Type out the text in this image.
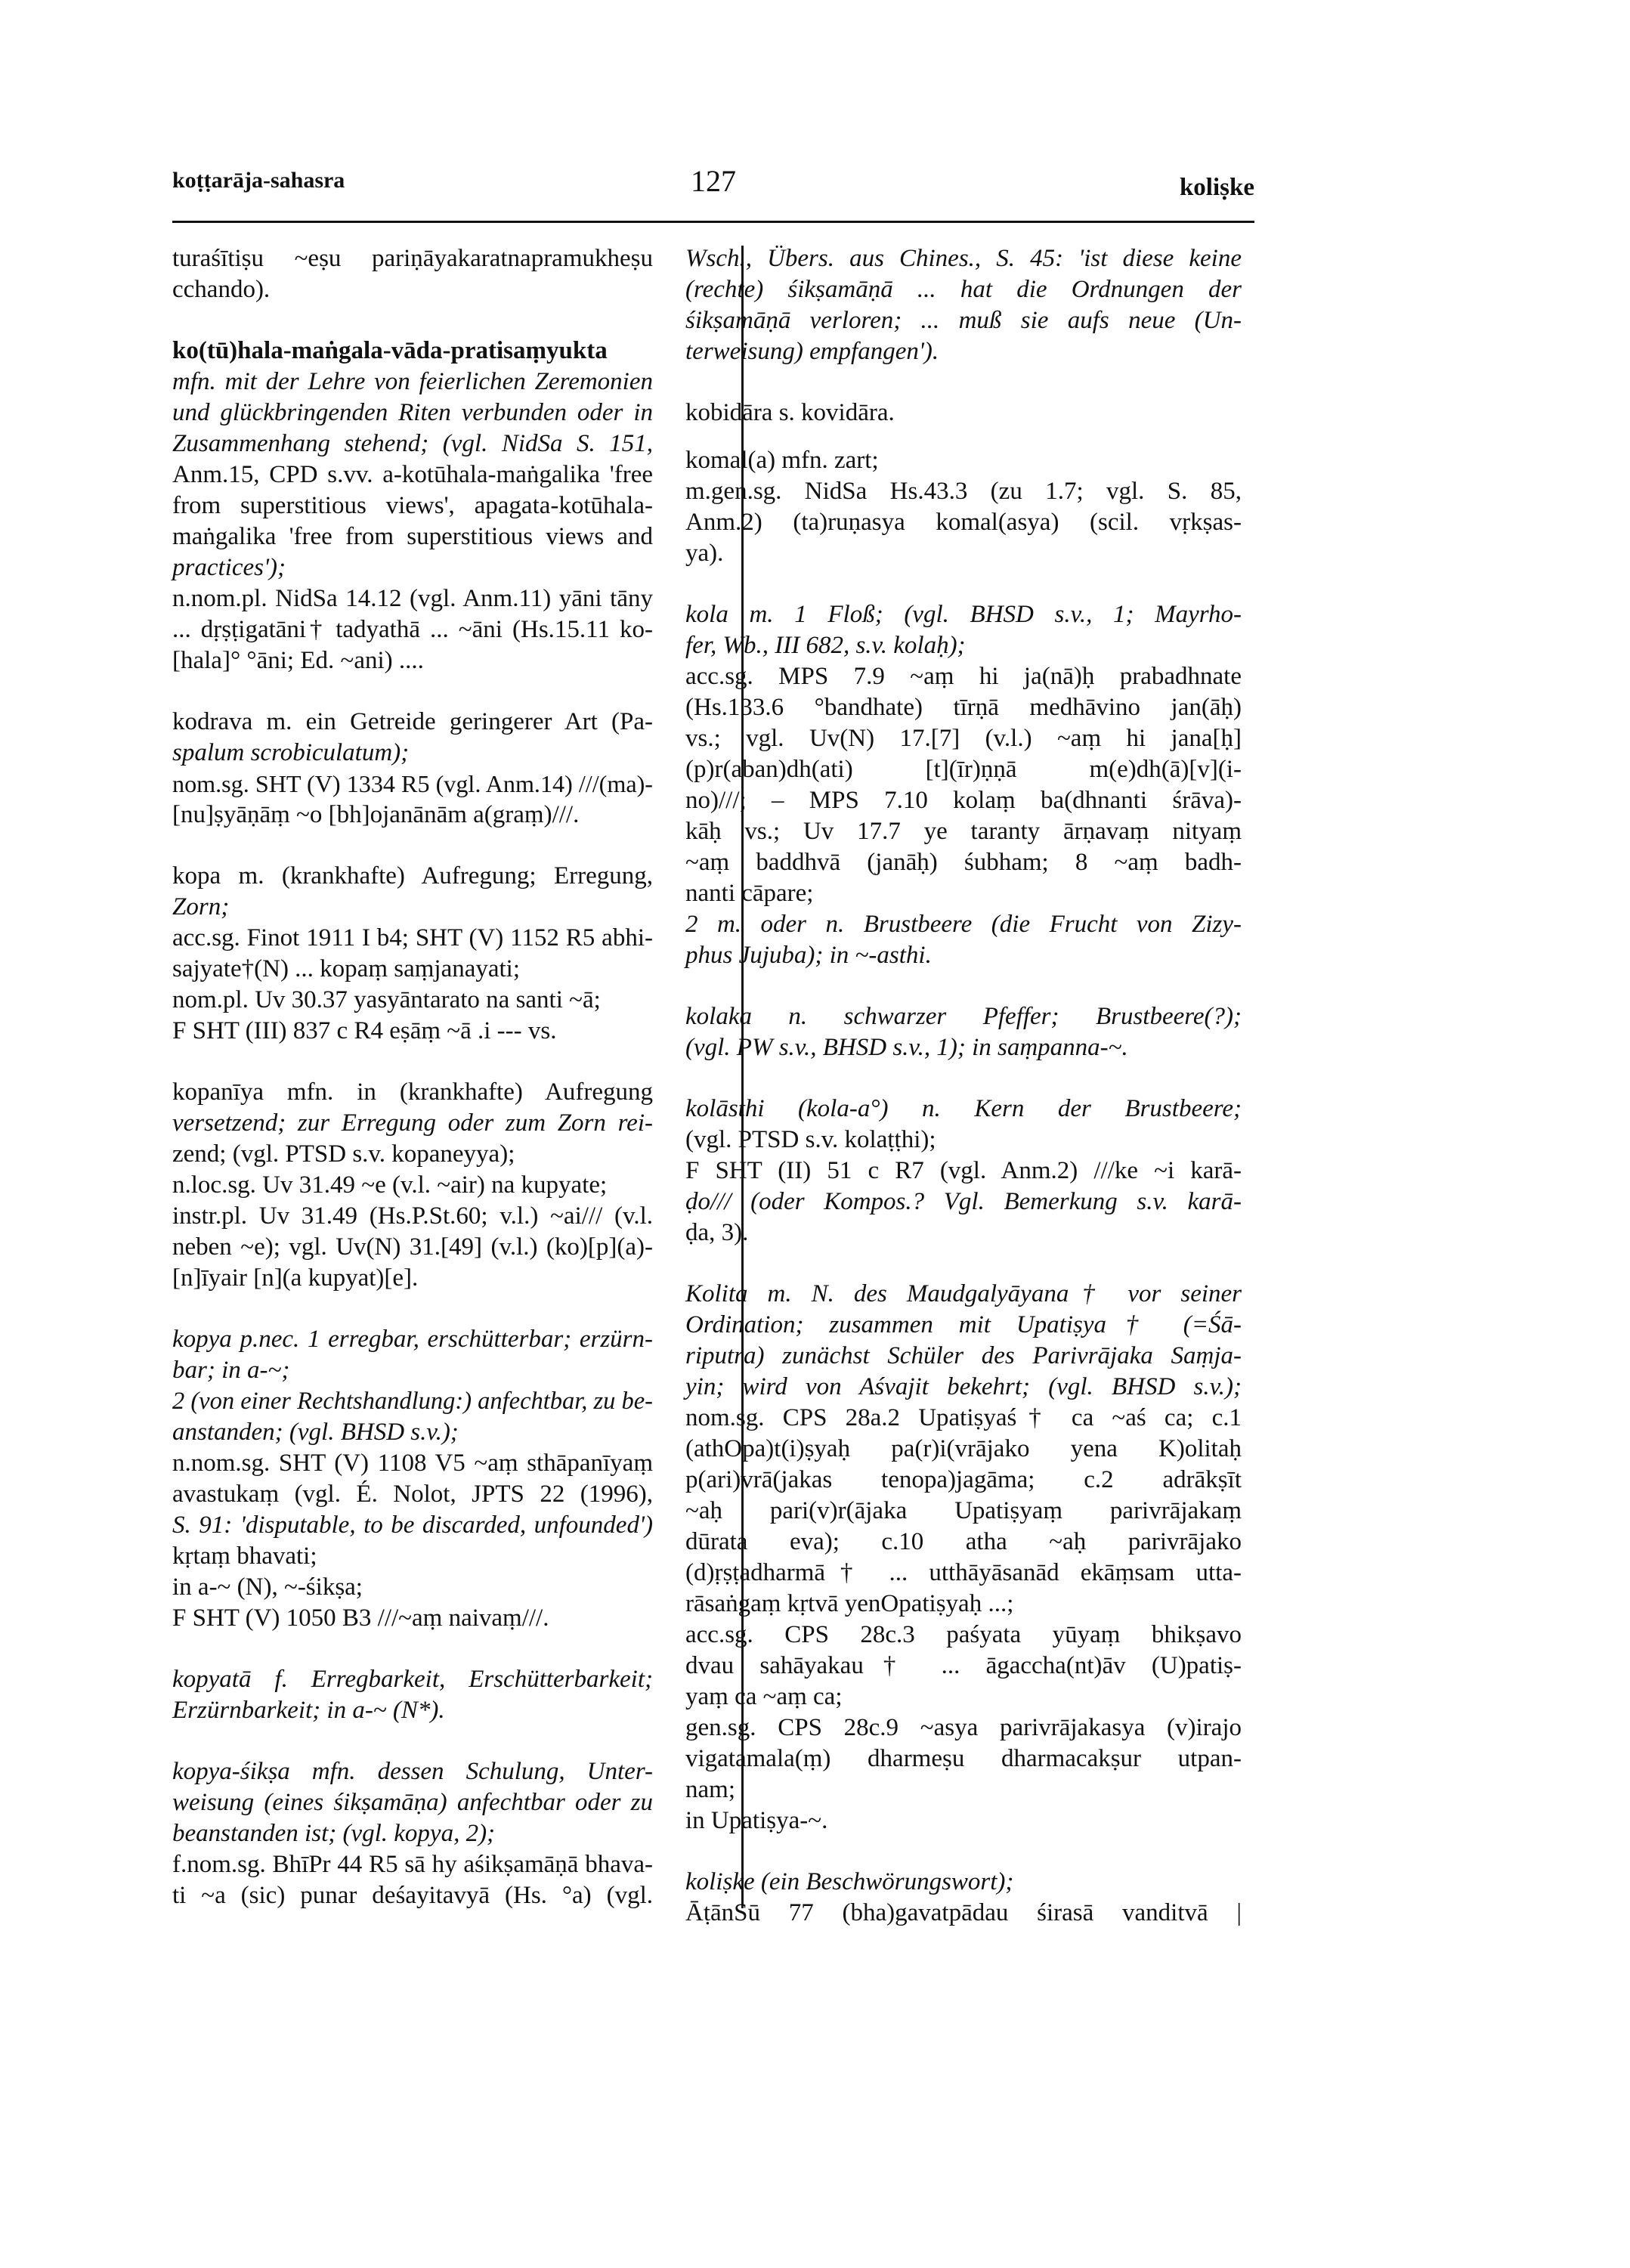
koṭṭarāja-sahasra	127	koliṣke
turaśītiṣu ~eṣu pariṇāyakaratnapramukheṣu
cchando).
ko(tū)hala-maṅgala-vāda-pratisaṃyukta
mfn. mit der Lehre von feierlichen Zeremonien
und glückbringenden Riten verbunden oder in
Zusammenhang stehend; (vgl. NidSa S. 151,
Anm.15, CPD s.vv. a-kotūhala-maṅgalika 'free
from superstitious views', apagata-kotūhala-
maṅgalika 'free from superstitious views and
practices');
n.nom.pl. NidSa 14.12 (vgl. Anm.11) yāni tāny
... dṛṣṭigatāni† tadyathā ... ~āni (Hs.15.11 ko-
[hala]° °āni; Ed. ~ani) ....
kodrava m. ein Getreide geringerer Art (Pa-
spalum scrobiculatum);
nom.sg. SHT (V) 1334 R5 (vgl. Anm.14) ///(ma)-
[nu]ṣyāṇāṃ ~o [bh]ojanānām a(graṃ)///.
kopa m. (krankhafte) Aufregung; Erregung,
Zorn;
acc.sg. Finot 1911 I b4; SHT (V) 1152 R5 abhi-
sajyate†(N) ... kopaṃ saṃjanayati;
nom.pl. Uv 30.37 yasyāntarato na santi ~ā;
F SHT (III) 837 c R4 eṣāṃ ~ā .i --- vs.
kopanīya mfn. in (krankhafte) Aufregung
versetzend; zur Erregung oder zum Zorn rei-
zend; (vgl. PTSD s.v. kopaneyya);
n.loc.sg. Uv 31.49 ~e (v.l. ~air) na kupyate;
instr.pl. Uv 31.49 (Hs.P.St.60; v.l.) ~ai/// (v.l.
neben ~e); vgl. Uv(N) 31.[49] (v.l.) (ko)[p](a)-
[n]īyair [n](a kupyat)[e].
kopya p.nec. 1 erregbar, erschütterbar; erzürn-
bar; in a-~;
2 (von einer Rechtshandlung:) anfechtbar, zu be-
anstanden; (vgl. BHSD s.v.);
n.nom.sg. SHT (V) 1108 V5 ~aṃ sthāpanīyaṃ
avastukaṃ (vgl. É. Nolot, JPTS 22 (1996),
S. 91: 'disputable, to be discarded, unfounded')
kṛtaṃ bhavati;
in a-~ (N), ~-śikṣa;
F SHT (V) 1050 B3 ///~aṃ naivaṃ///.
kopyatā f. Erregbarkeit, Erschütterbarkeit;
Erzürnbarkeit; in a-~ (N*).
kopya-śikṣa mfn. dessen Schulung, Unter-
weisung (eines śikṣamāṇa) anfechtbar oder zu
beanstanden ist; (vgl. kopya, 2);
f.nom.sg. BhīPr 44 R5 sā hy aśikṣamāṇā bhava-
ti ~a (sic) punar deśayitavyā (Hs. °a) (vgl.
Wsch., Übers. aus Chines., S. 45: 'ist diese keine
(rechte) śikṣamāṇā ... hat die Ordnungen der
śikṣamāṇā verloren; ... muß sie aufs neue (Un-
terweisung) empfangen').
kobidāra s. kovidāra.
komal(a) mfn. zart;
m.gen.sg. NidSa Hs.43.3 (zu 1.7; vgl. S. 85,
Anm.2) (ta)ruṇasya komal(asya) (scil. vṛkṣas-
ya).
kola m. 1 Floß; (vgl. BHSD s.v., 1; Mayrho-
fer, Wb., III 682, s.v. kolaḥ);
acc.sg. MPS 7.9 ~aṃ hi ja(nā)ḥ prabadhnate
(Hs.133.6 °bandhate) tīrṇā medhāvino jan(āḥ)
vs.; vgl. Uv(N) 17.[7] (v.l.) ~aṃ hi jana[ḥ]
(p)r(aban)dh(ati) [t](īr)ṇṇā m(e)dh(ā)[v](i-
no)///; – MPS 7.10 kolaṃ ba(dhnanti śrāva)-
kāḥ vs.; Uv 17.7 ye taranty ārṇavaṃ nityaṃ
~aṃ baddhvā (janāḥ) śubham; 8 ~aṃ badh-
nanti cāpare;
2 m. oder n. Brustbeere (die Frucht von Zizy-
phus Jujuba); in ~-asthi.
kolaka n. schwarzer Pfeffer; Brustbeere(?);
(vgl. PW s.v., BHSD s.v., 1); in saṃpanna-~.
kolāsthi (kola-a°) n. Kern der Brustbeere;
(vgl. PTSD s.v. kolaṭṭhi);
F SHT (II) 51 c R7 (vgl. Anm.2) ///ke ~i karā-
ḍo/// (oder Kompos.? Vgl. Bemerkung s.v. karā-
ḍa, 3).
Kolita m. N. des Maudgalyāyana† vor seiner
Ordination; zusammen mit Upatiṣya† (=Śā-
riputra) zunächst Schüler des Parivrājaka Saṃja-
yin; wird von Aśvajit bekehrt; (vgl. BHSD s.v.);
nom.sg. CPS 28a.2 Upatiṣyaś† ca ~aś ca; c.1
(athOpa)t(i)ṣyaḥ pa(r)i(vrājako yena K)olitaḥ
p(ari)vrā(jakas tenopa)jagāma; c.2 adrākṣīt
~aḥ pari(v)r(ājaka Upatiṣyaṃ parivrājakaṃ
dūrata eva); c.10 atha ~aḥ parivrājako
(d)ṛṣṭadharmā† ... utthāyāsanād ekāṃsam utta-
rāsaṅgaṃ kṛtvā yenOpatiṣyaḥ ...;
acc.sg. CPS 28c.3 paśyata yūyaṃ bhikṣavo
dvau sahāyakau† ... āgaccha(nt)āv (U)patiṣ-
yaṃ ca ~aṃ ca;
gen.sg. CPS 28c.9 ~asya parivrājakasya (v)irajo
vigatamala(ṃ) dharmeṣu dharmacakṣur utpan-
nam;
in Upatiṣya-~.
koliṣke (ein Beschwörungswort);
ĀṭānSū 77 (bha)gavatpādau śirasā vanditvā |
